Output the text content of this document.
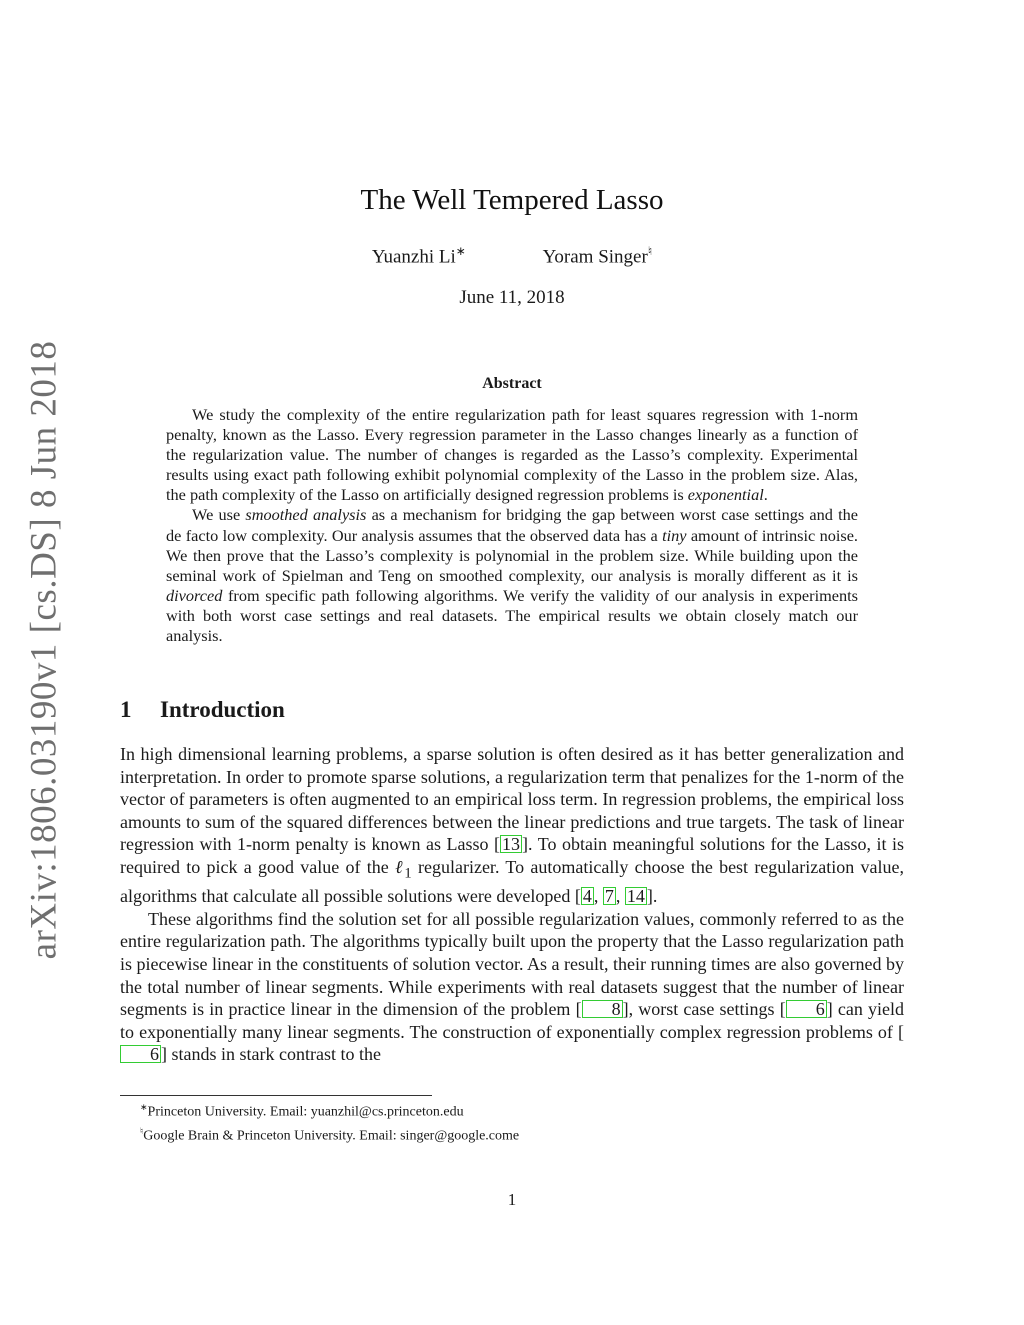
arXiv:1806.03190v1 [cs.DS] 8 Jun 2018
The Well Tempered Lasso
Yuanzhi Li∗	Yoram Singer♮
June 11, 2018
Abstract

We study the complexity of the entire regularization path for least squares regression with 1-norm penalty, known as the Lasso. Every regression parameter in the Lasso changes linearly as a function of the regularization value. The number of changes is regarded as the Lasso’s complexity. Experimental results using exact path following exhibit polynomial complexity of the Lasso in the problem size. Alas, the path complexity of the Lasso on artificially designed regression problems is exponential.

We use smoothed analysis as a mechanism for bridging the gap between worst case settings and the de facto low complexity. Our analysis assumes that the observed data has a tiny amount of intrinsic noise. We then prove that the Lasso’s complexity is polynomial in the problem size. While building upon the seminal work of Spielman and Teng on smoothed complexity, our analysis is morally different as it is divorced from specific path following algorithms. We verify the validity of our analysis in experiments with both worst case settings and real datasets. The empirical results we obtain closely match our analysis.

1 Introduction

In high dimensional learning problems, a sparse solution is often desired as it has better generalization and interpretation. In order to promote sparse solutions, a regularization term that penalizes for the 1-norm of the vector of parameters is often augmented to an empirical loss term. In regression problems, the empirical loss amounts to sum of the squared differences between the linear predictions and true targets. The task of linear regression with 1-norm penalty is known as Lasso [ 13 ]. To obtain meaningful solutions for the Lasso, it is required to pick a good value of the ℓ$_1$ regularizer. To automatically choose the best regularization value, algorithms that calculate all possible solutions were developed [ 4 , 7 , 14 ].

These algorithms find the solution set for all possible regularization values, commonly referred to as the entire regularization path. The algorithms typically built upon the property that the Lasso regularization path is piecewise linear in the constituents of solution vector. As a result, their running times are also governed by the total number of linear segments. While experiments with real datasets suggest that the number of linear segments is in practice linear in the dimension of the problem [ 8 ], worst case settings [ 6 ] can yield to exponentially many linear segments. The construction of exponentially complex regression problems of [6 ] stands in stark contrast to the

∗Princeton University. Email: yuanzhil@cs.princeton.edu
♮Google Brain & Princeton University. Email: singer@google.come
1
